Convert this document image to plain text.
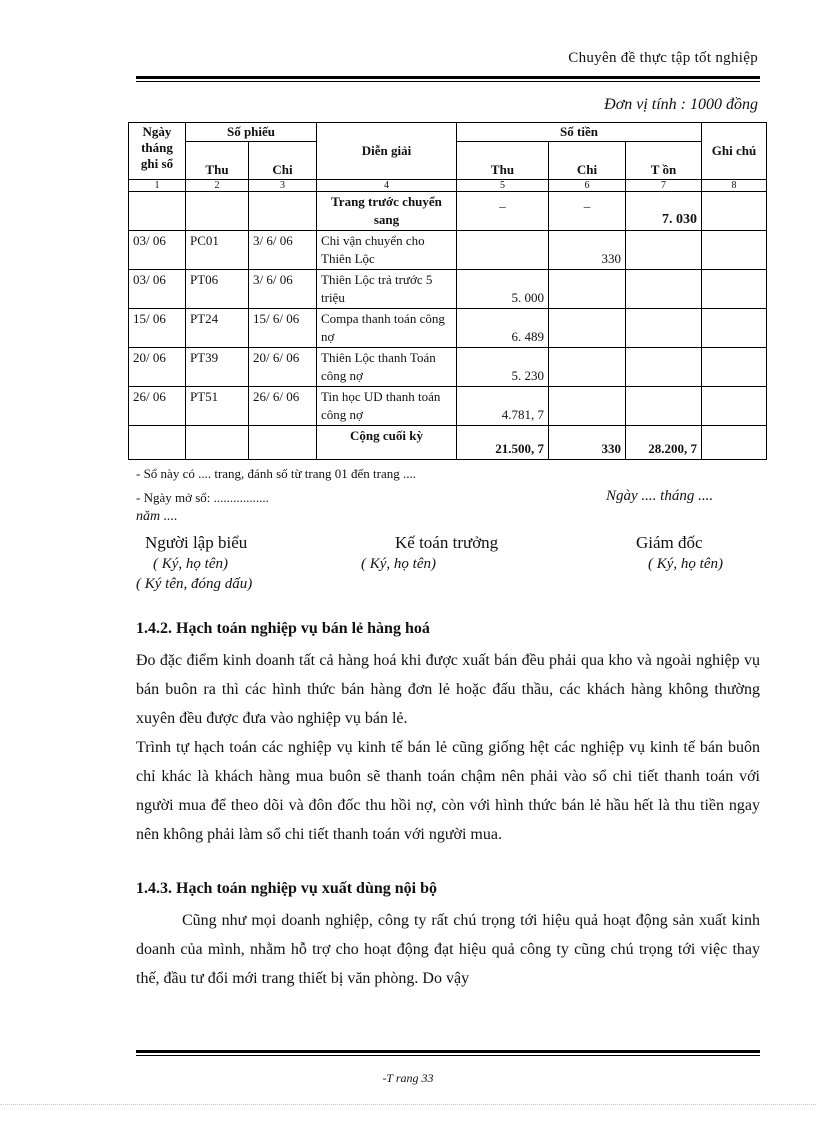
Chuyên đề thực tập tốt nghiệp
Đơn vị tính : 1000 đồng
Ngày tháng ghi sổ	Số phiếu		Diễn giải	Số tiền			Ghi chú
	Thu	Chi		Thu	Chi	T ồn	
1	2	3	4	5	6	7	8
			Trang trước chuyển sang	_	_	7. 030	
03/ 06	PC01	3/ 6/ 06	Chi vận chuyển cho Thiên Lộc		330		
03/ 06	PT06	3/ 6/ 06	Thiên Lộc trả trước 5 triệu	5. 000			
15/ 06	PT24	15/ 6/ 06	Compa thanh toán công nợ	6. 489			
20/ 06	PT39	20/ 6/ 06	Thiên Lộc thanh Toán công nợ	5. 230			
26/ 06	PT51	26/ 6/ 06	Tin học UD thanh toán công nợ	4.781, 7			
			Cộng cuối kỳ	21.500, 7	330	28.200, 7	
- Sổ này có .... trang, đánh số từ trang 01 đến trang ....
- Ngày mở sổ: .................	Ngày .... tháng ....
năm ....
Người lập biểu	Kế toán trưởng	Giám đốc
( Ký, họ tên)	( Ký, họ tên)	( Ký, họ tên)
( Ký tên, đóng dấu)
1.4.2. Hạch toán nghiệp vụ bán lẻ hàng hoá

Đo đặc điểm kinh doanh tất cả hàng hoá khi được xuất bán đều phải qua kho và ngoài nghiệp vụ bán buôn ra thì các hình thức bán hàng đơn lẻ hoặc đấu thầu, các khách hàng không thường xuyên đều được đưa vào nghiệp vụ bán lẻ.

Trình tự hạch toán các nghiệp vụ kinh tế bán lẻ cũng giống hệt các nghiệp vụ kinh tế bán buôn chỉ khác là khách hàng mua buôn sẽ thanh toán chậm nên phải vào sổ chi tiết thanh toán với người mua để theo dõi và đôn đốc thu hồi nợ, còn với hình thức bán lẻ hầu hết là thu tiền ngay nên không phải làm sổ chi tiết thanh toán với người mua.

1.4.3. Hạch toán nghiệp vụ xuất dùng nội bộ

Cũng như mọi doanh nghiệp, công ty rất chú trọng tới hiệu quả hoạt động sản xuất kinh doanh của mình, nhằm hỗ trợ cho hoạt động đạt hiệu quả công ty cũng chú trọng tới việc thay thế, đầu tư đổi mới trang thiết bị văn phòng. Do vậy

-T rang 33
